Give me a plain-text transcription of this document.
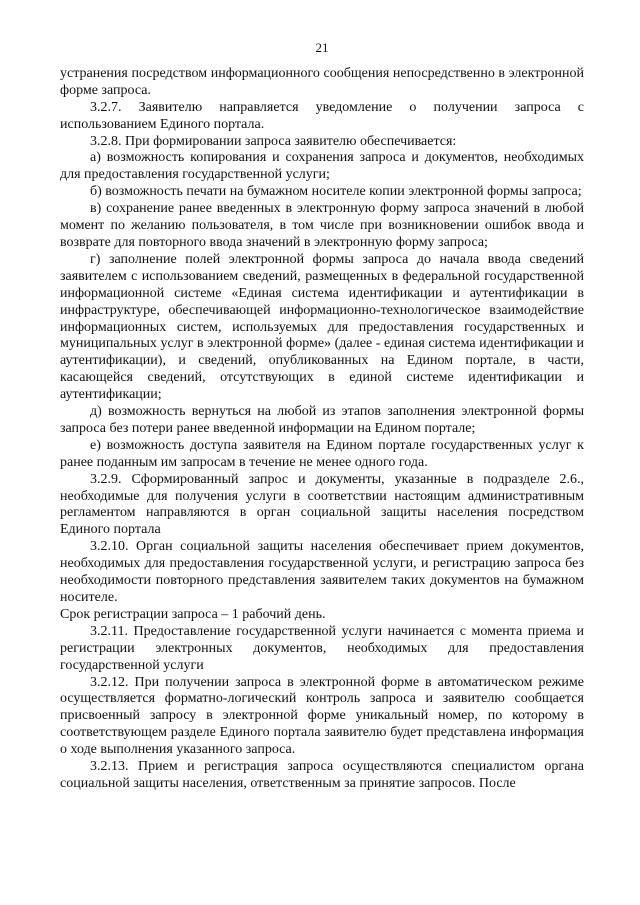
21

устранения посредством информационного сообщения непосредственно в электронной форме запроса.

3.2.7. Заявителю направляется уведомление о получении запроса с использованием Единого портала.

3.2.8. При формировании запроса заявителю обеспечивается:

а) возможность копирования и сохранения запроса и документов, необходимых для предоставления государственной услуги;

б) возможность печати на бумажном носителе копии электронной формы запроса;

в) сохранение ранее введенных в электронную форму запроса значений в любой момент по желанию пользователя, в том числе при возникновении ошибок ввода и возврате для повторного ввода значений в электронную форму запроса;

г) заполнение полей электронной формы запроса до начала ввода сведений заявителем с использованием сведений, размещенных в федеральной государственной информационной системе «Единая система идентификации и аутентификации в инфраструктуре, обеспечивающей информационно-технологическое взаимодействие информационных систем, используемых для предоставления государственных и муниципальных услуг в электронной форме» (далее - единая система идентификации и аутентификации), и сведений, опубликованных на Едином портале, в части, касающейся сведений, отсутствующих в единой системе идентификации и аутентификации;

д) возможность вернуться на любой из этапов заполнения электронной формы запроса без потери ранее введенной информации на Едином портале;

е) возможность доступа заявителя на Едином портале государственных услуг к ранее поданным им запросам в течение не менее одного года.

3.2.9. Сформированный запрос и документы, указанные в подразделе 2.6., необходимые для получения услуги в соответствии настоящим административным регламентом направляются в орган социальной защиты населения посредством Единого портала

3.2.10. Орган социальной защиты населения обеспечивает прием документов, необходимых для предоставления государственной услуги, и регистрацию запроса без необходимости повторного представления заявителем таких документов на бумажном носителе.

Срок регистрации запроса – 1 рабочий день.

3.2.11. Предоставление государственной услуги начинается с момента приема и регистрации электронных документов, необходимых для предоставления государственной услуги

3.2.12. При получении запроса в электронной форме в автоматическом режиме осуществляется форматно-логический контроль запроса и заявителю сообщается присвоенный запросу в электронной форме уникальный номер, по которому в соответствующем разделе Единого портала заявителю будет представлена информация о ходе выполнения указанного запроса.

3.2.13. Прием и регистрация запроса осуществляются специалистом органа социальной защиты населения, ответственным за принятие запросов. После
